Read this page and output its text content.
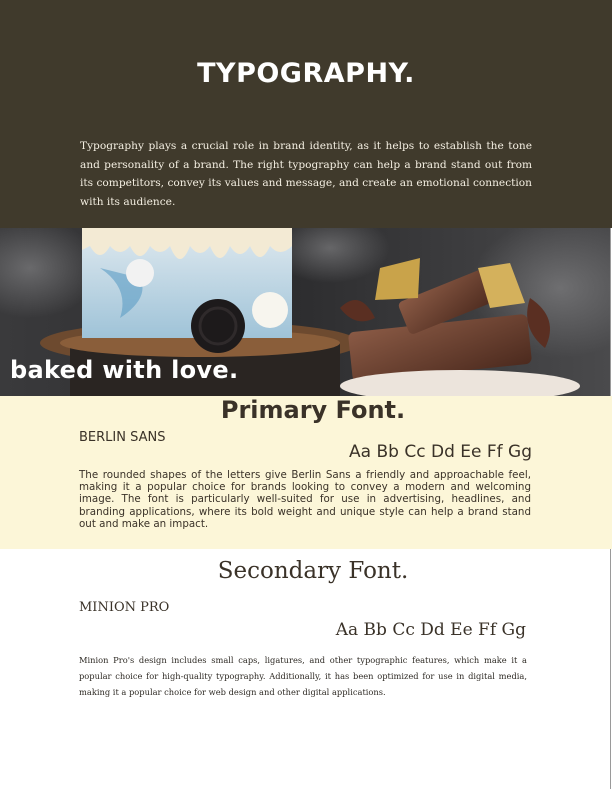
TYPOGRAPHY.
Typography plays a crucial role in brand identity, as it helps to establish the tone and personality of a brand. The right typography can help a brand stand out from its competitors, convey its values and message, and create an emotional connection with its audience.
baked with love.
Primary Font.
BERLIN SANS
Aa Bb Cc Dd Ee Ff Gg
The rounded shapes of the letters give Berlin Sans a friendly and approachable feel, making it a popular choice for brands looking to convey a modern and welcoming image. The font is particularly well-suited for use in advertising, headlines, and branding applications, where its bold weight and unique style can help a brand stand out and make an impact.
Secondary Font.
MINION PRO
Aa Bb Cc Dd Ee Ff Gg
Minion Pro's design includes small caps, ligatures, and other typographic features, which make it a popular choice for high-quality typography. Additionally, it has been optimized for use in digital media, making it a popular choice for web design and other digital applications.
